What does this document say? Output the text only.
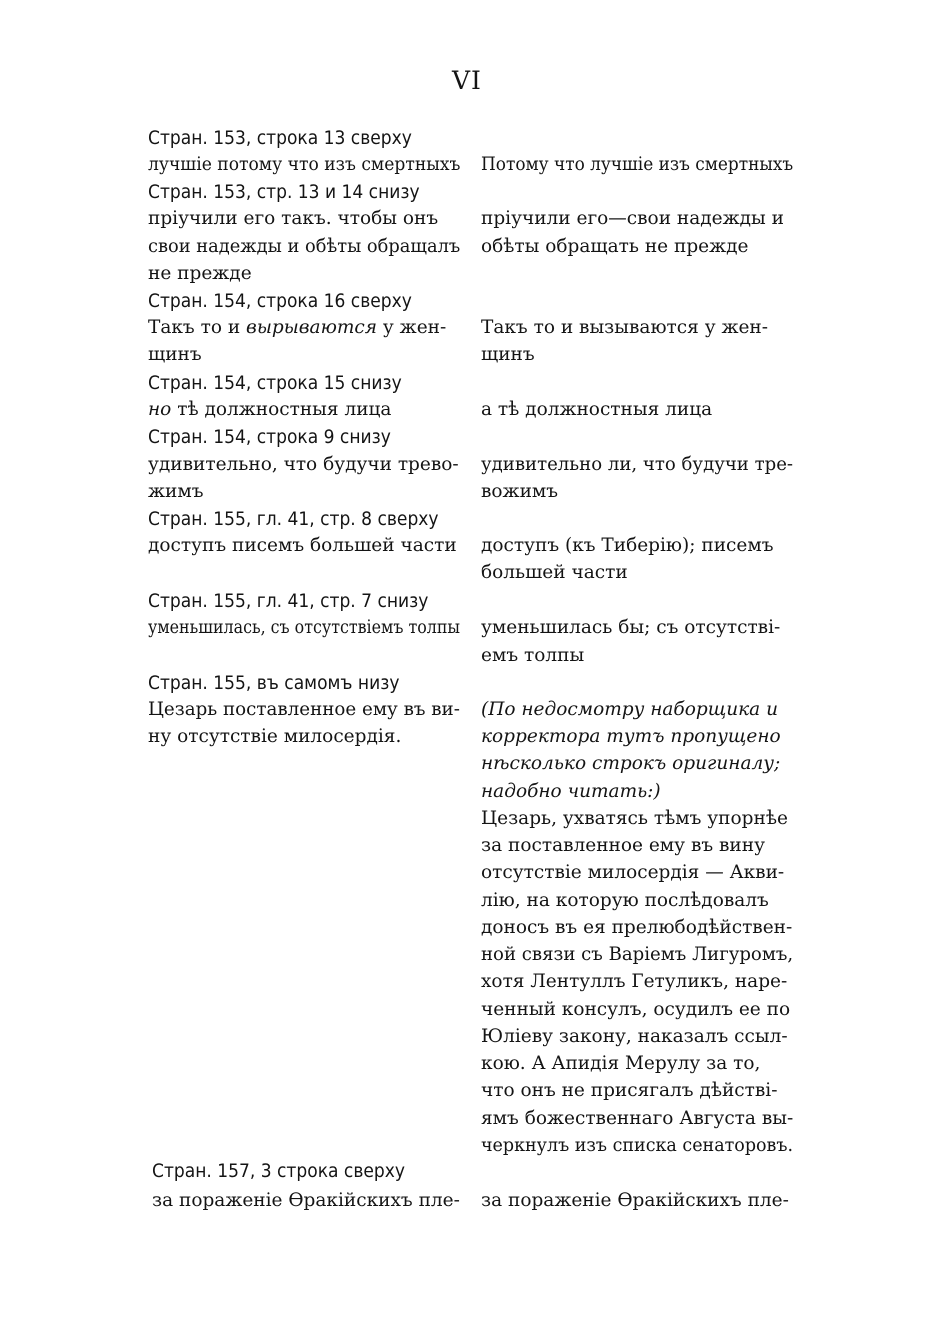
VI
Стран. 153, строка 13 сверху
лучшіе потому что изъ смертныхъ Потому что лучшіе изъ смертныхъ
Стран. 153, стр. 13 и 14 снизу
пріучили его такъ. чтобы онъ
свои надежды и обѣты обращалъ
не прежде
пріучили его—свои надежды и
обѣты обращать не прежде
Стран. 154, строка 16 сверху
Такъ то и вырываются у жен-
щинъ
Такъ то и вызываются у жен-
щинъ
Стран. 154, строка 15 снизу
но тѣ должностныя лица	а тѣ должностныя лица
Стран. 154, строка 9 снизу
удивительно, что будучи трево-
жимъ
удивительно ли, что будучи тре-
вожимъ
Стран. 155, гл. 41, стр. 8 сверху
доступъ писемъ большей части доступъ (къ Тиберію); писемъ
большей части
Стран. 155, гл. 41, стр. 7 снизу
уменьшилась, съ отсутствіемъ толпы уменьшилась бы; съ отсутствi-
емъ толпы
Стран. 155, въ самомъ низу
Цезарь поставленное ему въ ви-
ну отсутствіе милосердія.
(По недосмотру наборщика и
корректора тутъ пропущено
нѣсколько строкъ оригиналу;
надобно читать:)
Цезарь, ухватясь тѣмъ упорнѣе
за поставленное ему въ вину
отсутствіе милосердія — Акви-
лію, на которую послѣдовалъ
доносъ въ ея прелюбодѣйствен-
ной связи съ Варіемъ Лигуромъ,
хотя Лентуллъ Гетуликъ, наре-
ченный консулъ, осудилъ ее по
Юліеву закону, наказалъ ссыл-
кою. А Апидія Мерулу за то,
что онъ не присягалъ дѣйстві-
ямъ божественнаго Августа вы-
черкнулъ изъ списка сенаторовъ.
Стран. 157, 3 строка сверху
за пораженіе Ѳракійскихъ пле- за пораженіе Ѳракійскихъ пле-
